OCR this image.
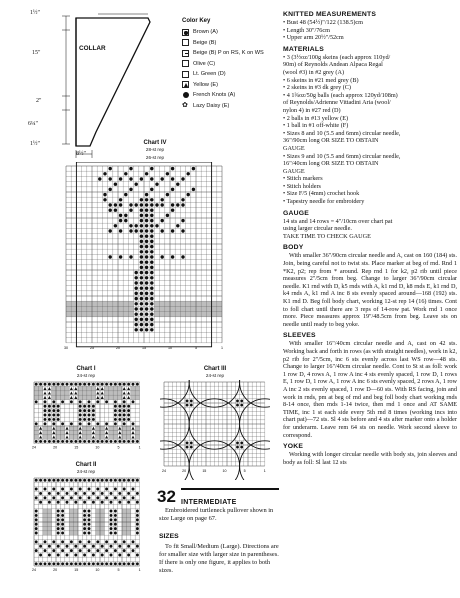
1½"
15"
COLLAR
2"
6¼"
1½"
8½"
Color Key
Brown (A)
Beige (B)
Beige (B) P on RS, K on WS
Olive (C)
Lt. Green (D)
Yellow (E)
French Knots (A)
✿ Lazy Daisy (E)
Chart IV
28-st rep
26-st rep
30	25	20	15	10	5	1
Chart I
24-st rep
24	20	15	10	5	1
Chart III
24-st rep
24	20	15	10	5	1
Chart II
24-st rep
24	20	15	10	5	1
32 INTERMEDIATE

Embroidered turtleneck pullover shown in size Large on page 67.

SIZES

To fit Small/Medium (Large). Directions are for smaller size with larger size in parentheses. If there is only one figure, it applies to both sizes.

KNITTED MEASUREMENTS
• Bust 48 (54½)"/122 (138.5)cm
• Length 30"/76cm
• Upper arm 20½"/52cm
MATERIALS
• 3 (3½oz/100g skeins (each approx 110yd/
90m) of Reynolds Andean Alpaca Regal
(wool #3) in #2 grey (A)
• 6 skeins in #21 med grey (B)
• 2 skeins in #3 dk grey (C)
• 4 1¾oz/50g balls (each approx 120yd/108m)
of Reynolds/Adrienne Vittadini Aria (wool/
nylon 4) in #27 red (D)
• 2 balls in #13 yellow (E)
• 1 ball in #1 off-white (F)
• Sizes 8 and 10 (5.5 and 6mm) circular needle,
36"/90cm long OR SIZE TO OBTAIN
GAUGE
• Sizes 9 and 10 (5.5 and 6mm) circular needle,
16"/40cm long OR SIZE TO OBTAIN
GAUGE
• Stitch markers
• Stitch holders
• Size F/5 (4mm) crochet hook
• Tapestry needle for embroidery
GAUGE
14 sts and 14 rows = 4"/10cm over chart pat
using larger circular needle.
TAKE TIME TO CHECK GAUGE
BODY

With smaller 36"/90cm circular needle and A, cast on 160 (184) sts. Join, being careful not to twist sts. Place marker at beg of rnd. Rnd 1 *K2, p2; rep from * around. Rep rnd 1 for k2, p2 rib until piece measures 2"/5cm from beg. Change to larger 36"/90cm circular needle. K1 rnd with D, k5 rnds with A, k1 rnd D, k8 rnds E, k1 rnd D, k4 rnds A, k1 rnd A inc 8 sts evenly spaced around—168 (192) sts. K1 rnd D. Beg foll body chart, working 12-st rep 14 (16) times. Cont to foll chart until there are 3 reps of 14-row pat. Work rnd 1 once more. Piece measures approx 19"/48.5cm from beg. Leave sts on needle until ready to beg yoke.

SLEEVES

With smaller 16"/40cm circular needle and A, cast on 42 sts. Working back and forth in rows (as with straight needles), work in k2, p2 rib for 2"/5cm, inc 6 sts evenly across last WS row—48 sts. Change to larger 16"/40cm circular needle. Cont to St st as foll: work 1 row D, 4 rows A, 1 row A inc 4 sts evenly spaced, 1 row D, 1 rows E, 1 row D, 1 row A, 1 row A inc 6 sts evenly spaced, 2 rows A, 1 row A inc 2 sts evenly spaced, 1 row D—60 sts. With RS facing, join and work in rnds, pm at beg of rnd and beg foll body chart working rnds 8-14 once, then rnds 1-14 twice, then rnd 1 once and AT SAME TIME, inc 1 st each side every 5th rnd 8 times (working incs into chart pat)—72 sts. Sl 4 sts before and 4 sts after marker onto a holder for underarm. Leave rem 64 sts on needle. Work second sleeve to correspond.

YOKE

Working with longer circular needle with body sts, join sleeves and body as foll: Sl last 12 sts
